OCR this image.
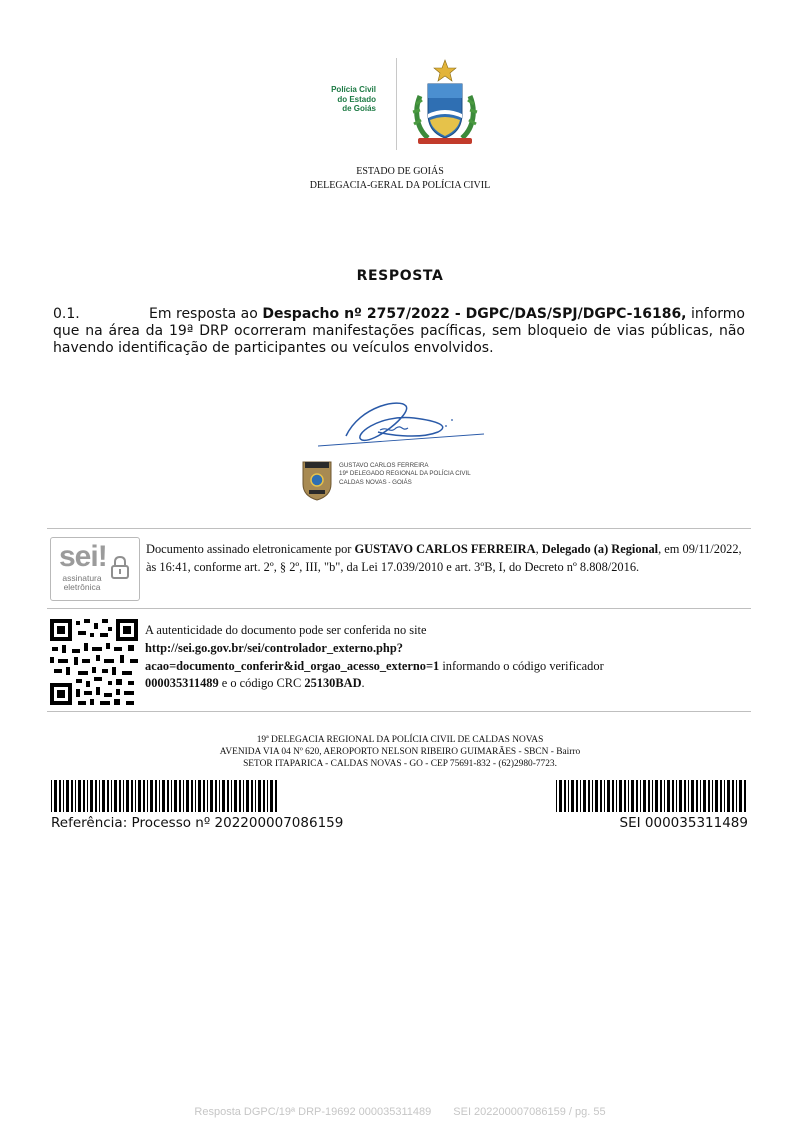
Polícia Civil
do Estado
de Goiás
ESTADO DE GOIÁS
DELEGACIA-GERAL DA POLÍCIA CIVIL
RESPOSTA
0.1.	Em resposta ao Despacho nº 2757/2022 - DGPC/DAS/SPJ/DGPC-16186, informo que na área da 19ª DRP ocorreram manifestações pacíficas, sem bloqueio de vias públicas, não havendo identificação de participantes ou veículos envolvidos.
GUSTAVO CARLOS FERREIRA
19º DELEGADO REGIONAL DA POLÍCIA CIVIL
CALDAS NOVAS - GOIÁS
sei!
assinatura
eletrônica
Documento assinado eletronicamente por GUSTAVO CARLOS FERREIRA, Delegado (a) Regional, em 09/11/2022, às 16:41, conforme art. 2º, § 2º, III, "b", da Lei 17.039/2010 e art. 3ºB, I, do Decreto nº 8.808/2016.
A autenticidade do documento pode ser conferida no site
http://sei.go.gov.br/sei/controlador_externo.php?
acao=documento_conferir&id_orgao_acesso_externo=1 informando o código verificador
000035311489 e o código CRC 25130BAD.
19ª DELEGACIA REGIONAL DA POLÍCIA CIVIL DE CALDAS NOVAS
AVENIDA VIA 04 Nº 620, AEROPORTO NELSON RIBEIRO GUIMARÃES - SBCN - Bairro
SETOR ITAPARICA - CALDAS NOVAS - GO - CEP 75691-832 - (62)2980-7723.
Referência: Processo nº 202200007086159	SEI 000035311489
Resposta DGPC/19ª DRP-19692 000035311489 SEI 202200007086159 / pg. 55
